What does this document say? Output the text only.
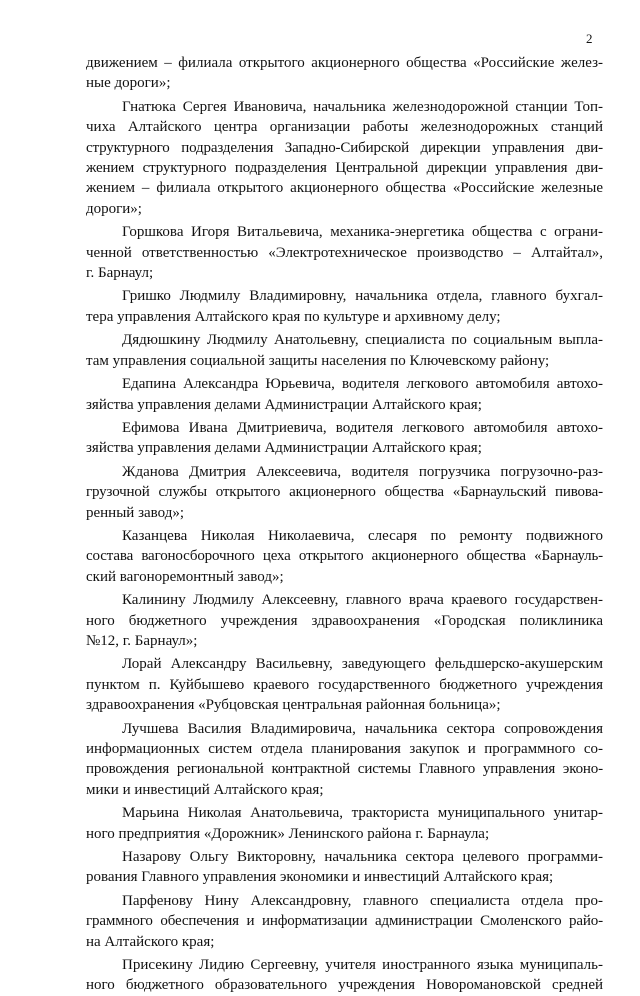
2
движением – филиала открытого акционерного общества «Российские желез-
ные дороги»;
Гнатюка Сергея Ивановича, начальника железнодорожной станции Топ-
чиха Алтайского центра организации работы железнодорожных станций
структурного подразделения Западно-Сибирской дирекции управления дви-
жением структурного подразделения Центральной дирекции управления дви-
жением – филиала открытого акционерного общества «Российские железные
дороги»;
Горшкова Игоря Витальевича, механика-энергетика общества с ограни-
ченной ответственностью «Электротехническое производство – Алтайтал»,
г. Барнаул;
Гришко Людмилу Владимировну, начальника отдела, главного бухгал-
тера управления Алтайского края по культуре и архивному делу;
Дядюшкину Людмилу Анатольевну, специалиста по социальным выпла-
там управления социальной защиты населения по Ключевскому району;
Едапина Александра Юрьевича, водителя легкового автомобиля автохо-
зяйства управления делами Администрации Алтайского края;
Ефимова Ивана Дмитриевича, водителя легкового автомобиля автохо-
зяйства управления делами Администрации Алтайского края;
Жданова Дмитрия Алексеевича, водителя погрузчика погрузочно-раз-
грузочной службы открытого акционерного общества «Барнаульский пивова-
ренный завод»;
Казанцева Николая Николаевича, слесаря по ремонту подвижного
состава вагоносборочного цеха открытого акционерного общества «Барнауль-
ский вагоноремонтный завод»;
Калинину Людмилу Алексеевну, главного врача краевого государствен-
ного бюджетного учреждения здравоохранения «Городская поликлиника
№12, г. Барнаул»;
Лорай Александру Васильевну, заведующего фельдшерско-акушерским
пунктом п. Куйбышево краевого государственного бюджетного учреждения
здравоохранения «Рубцовская центральная районная больница»;
Лучшева Василия Владимировича, начальника сектора сопровождения
информационных систем отдела планирования закупок и программного со-
провождения региональной контрактной системы Главного управления эконо-
мики и инвестиций Алтайского края;
Марьина Николая Анатольевича, тракториста муниципального унитар-
ного предприятия «Дорожник» Ленинского района г. Барнаула;
Назарову Ольгу Викторовну, начальника сектора целевого программи-
рования Главного управления экономики и инвестиций Алтайского края;
Парфенову Нину Александровну, главного специалиста отдела про-
граммного обеспечения и информатизации администрации Смоленского райо-
на Алтайского края;
Присекину Лидию Сергеевну, учителя иностранного языка муниципаль-
ного бюджетного образовательного учреждения Новоромановской средней
